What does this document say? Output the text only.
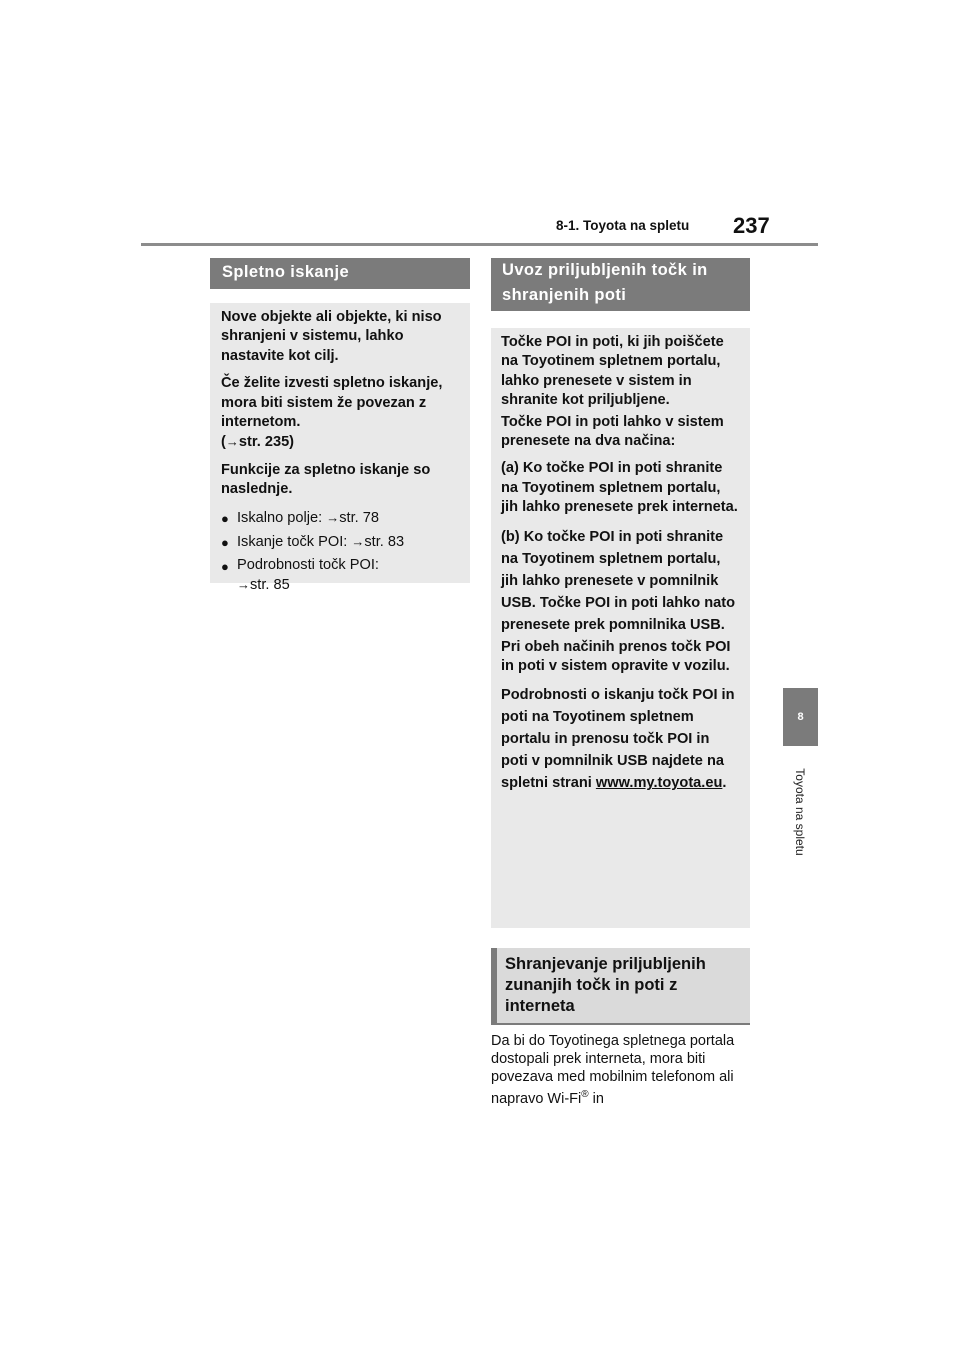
8-1. Toyota na spletu 237
8
Toyota na spletu
Spletno iskanje

Nove objekte ali objekte, ki niso shranjeni v sistemu, lahko nastavite kot cilj.

Če želite izvesti spletno iskanje, mora biti sistem že povezan z internetom.
(→str. 235)

Funkcije za spletno iskanje so naslednje.

● Iskalno polje: →str. 78
● Iskanje točk POI: →str. 83
● Podrobnosti točk POI:
→str. 85
Uvoz priljubljenih točk in shranjenih poti

Točke POI in poti, ki jih poiščete na Toyotinem spletnem portalu, lahko prenesete v sistem in shranite kot priljubljene.

Točke POI in poti lahko v sistem prenesete na dva načina:

(a) Ko točke POI in poti shranite na Toyotinem spletnem portalu, jih lahko prenesete prek interneta.

(b) Ko točke POI in poti shranite na Toyotinem spletnem portalu, jih lahko prenesete v pomnilnik USB. Točke POI in poti lahko nato prenesete prek pomnilnika USB.

Pri obeh načinih prenos točk POI in poti v sistem opravite v vozilu.

Podrobnosti o iskanju točk POI in poti na Toyotinem spletnem portalu in prenosu točk POI in poti v pomnilnik USB najdete na spletni strani www.my.toyota.eu.

Shranjevanje priljubljenih zunanjih točk in poti z interneta
Da bi do Toyotinega spletnega portala dostopali prek interneta, mora biti povezava med mobilnim telefonom ali napravo Wi-Fi® in
